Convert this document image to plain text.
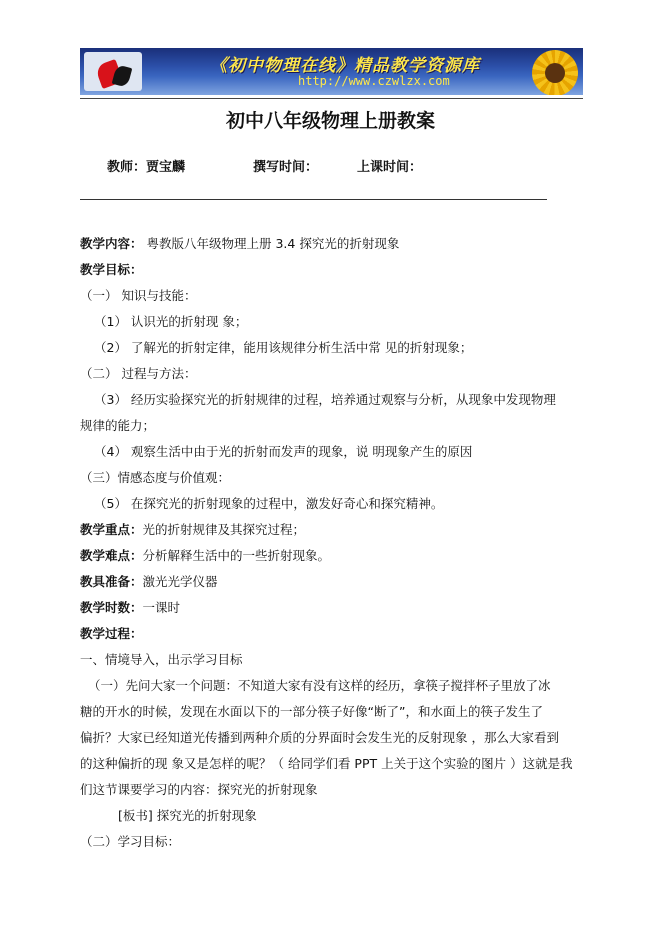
《初中物理在线》精品教学资源库
http://www.czwlzx.com
初中八年级物理上册教案
教师：贾宝麟	撰写时间：	上课时间：
教学内容： 粤教版八年级物理上册 3.4 探究光的折射现象
教学目标：
（一） 知识与技能：
（1） 认识光的折射现 象；
（2） 了解光的折射定律，能用该规律分析生活中常 见的折射现象；
（二） 过程与方法：
（3） 经历实验探究光的折射规律的过程，培养通过观察与分析，从现象中发现物理
规律的能力；
（4） 观察生活中由于光的折射而发声的现象，说 明现象产生的原因
（三）情感态度与价值观：
（5） 在探究光的折射现象的过程中，激发好奇心和探究精神。
教学重点：光的折射规律及其探究过程；
教学难点：分析解释生活中的一些折射现象。
教具准备：激光光学仪器
教学时数：一课时
教学过程：
一、情境导入，出示学习目标
（一）先问大家一个问题：不知道大家有没有这样的经历，拿筷子搅拌杯子里放了冰
糖的开水的时候，发现在水面以下的一部分筷子好像“断了”，和水面上的筷子发生了
偏折？大家已经知道光传播到两种介质的分界面时会发生光的反射现象 ，那么大家看到
的这种偏折的现 象又是怎样的呢？（ 给同学们看 PPT 上关于这个实验的图片 ）这就是我
们这节课要学习的内容：探究光的折射现象
[板书] 探究光的折射现象
（二）学习目标：
